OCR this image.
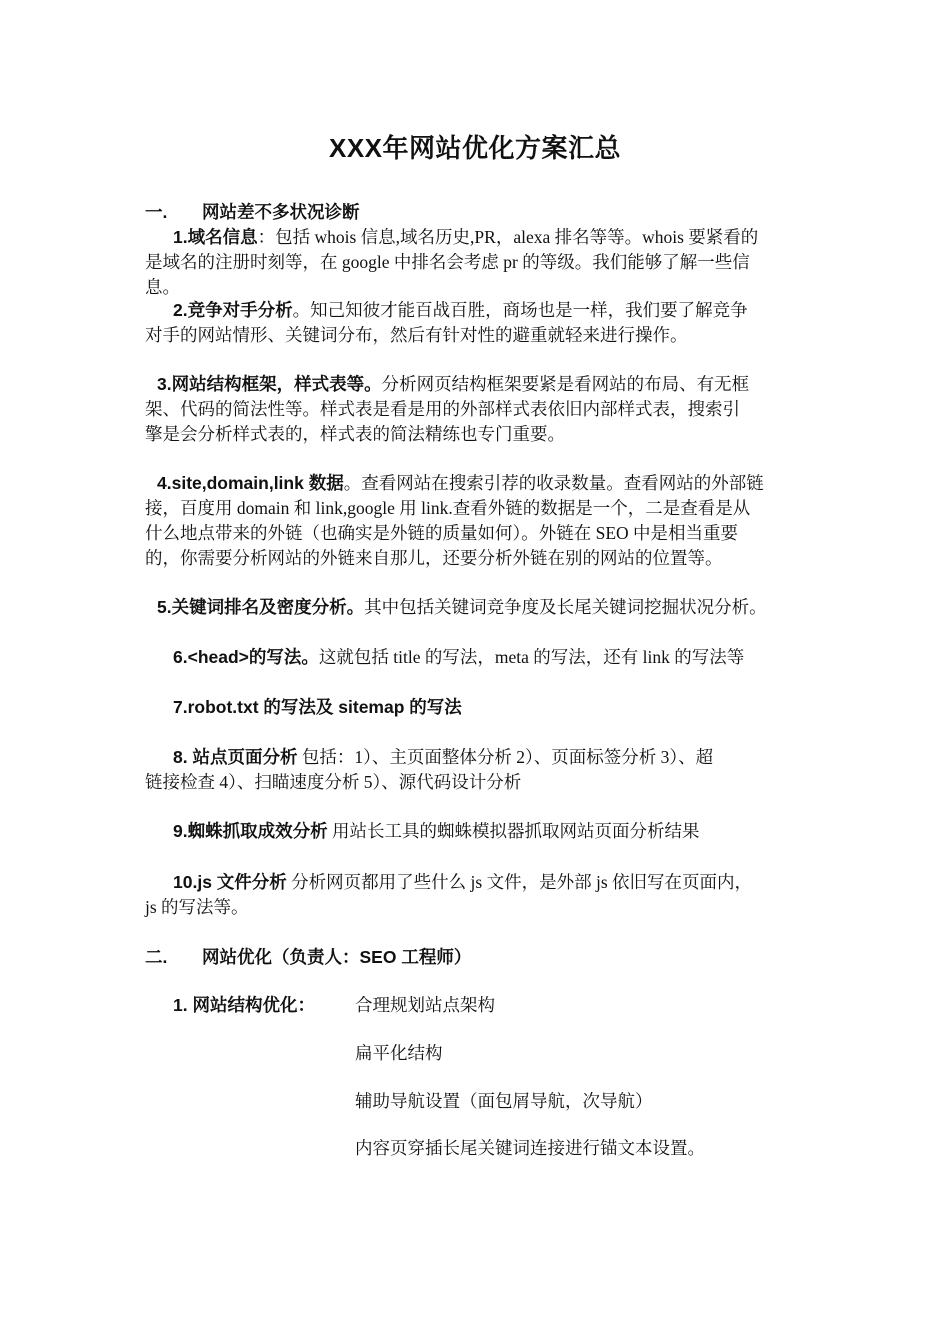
XXX年网站优化方案汇总
一. 网站差不多状况诊断
1.域名信息：包括 whois 信息,域名历史,PR，alexa 排名等等。whois 要紧看的
是域名的注册时刻等，在 google 中排名会考虑 pr 的等级。我们能够了解一些信
息。
2.竞争对手分析。知己知彼才能百战百胜，商场也是一样，我们要了解竞争
对手的网站情形、关键词分布，然后有针对性的避重就轻来进行操作。
3.网站结构框架，样式表等。分析网页结构框架要紧是看网站的布局、有无框
架、代码的简法性等。样式表是看是用的外部样式表依旧内部样式表，搜索引
擎是会分析样式表的，样式表的简法精练也专门重要。
4.site,domain,link 数据。查看网站在搜索引荐的收录数量。查看网站的外部链
接，百度用 domain 和 link,google 用 link.查看外链的数据是一个，二是查看是从
什么地点带来的外链（也确实是外链的质量如何）。外链在 SEO 中是相当重要
的，你需要分析网站的外链来自那儿，还要分析外链在别的网站的位置等。
5.关键词排名及密度分析。其中包括关键词竞争度及长尾关键词挖掘状况分析。
6.<head>的写法。这就包括 title 的写法，meta 的写法，还有 link 的写法等
7.robot.txt 的写法及 sitemap 的写法
8. 站点页面分析 包括：1）、主页面整体分析 2）、页面标签分析 3）、超
链接检查 4）、扫瞄速度分析 5）、源代码设计分析
9.蜘蛛抓取成效分析 用站长工具的蜘蛛模拟器抓取网站页面分析结果
10.js 文件分析 分析网页都用了些什么 js 文件，是外部 js 依旧写在页面内，
js 的写法等。
二. 网站优化（负责人：SEO 工程师）
1. 网站结构优化： 合理规划站点架构
扁平化结构
辅助导航设置（面包屑导航，次导航）
内容页穿插长尾关键词连接进行锚文本设置。
